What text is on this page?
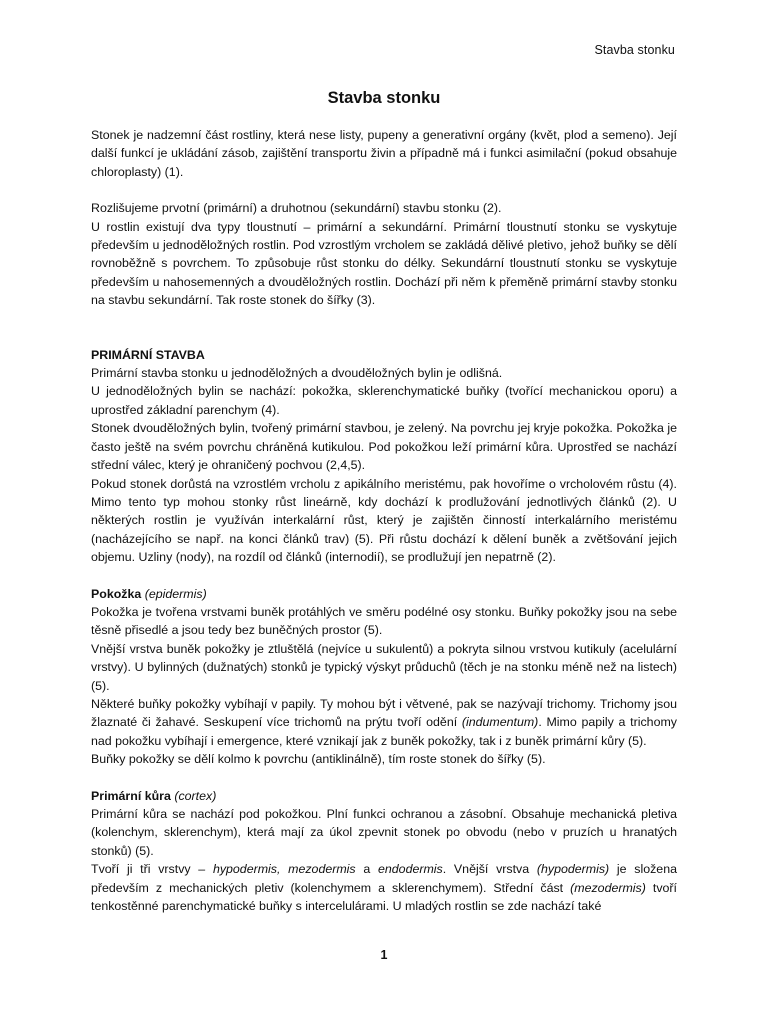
Stavba stonku
Stavba stonku

Stonek je nadzemní část rostliny, která nese listy, pupeny a generativní orgány (květ, plod a semeno). Její další funkcí je ukládání zásob, zajištění transportu živin a případně má i funkci asimilační (pokud obsahuje chloroplasty) (1).

Rozlišujeme prvotní (primární) a druhotnou (sekundární) stavbu stonku (2).

U rostlin existují dva typy tloustnutí – primární a sekundární. Primární tloustnutí stonku se vyskytuje především u jednoděložných rostlin. Pod vzrostlým vrcholem se zakládá dělivé pletivo, jehož buňky se dělí rovnoběžně s povrchem. To způsobuje růst stonku do délky. Sekundární tloustnutí stonku se vyskytuje především u nahosemenných a dvouděložných rostlin. Dochází při něm k přeměně primární stavby stonku na stavbu sekundární. Tak roste stonek do šířky (3).

PRIMÁRNÍ STAVBA

Primární stavba stonku u jednoděložných a dvouděložných bylin je odlišná.

U jednoděložných bylin se nachází: pokožka, sklerenchymatické buňky (tvořící mechanickou oporu) a uprostřed základní parenchym (4).

Stonek dvouděložných bylin, tvořený primární stavbou, je zelený. Na povrchu jej kryje pokožka. Pokožka je často ještě na svém povrchu chráněná kutikulou. Pod pokožkou leží primární kůra. Uprostřed se nachází střední válec, který je ohraničený pochvou (2,4,5).

Pokud stonek dorůstá na vzrostlém vrcholu z apikálního meristému, pak hovoříme o vrcholovém růstu (4). Mimo tento typ mohou stonky růst lineárně, kdy dochází k prodlužování jednotlivých článků (2). U některých rostlin je využíván interkalární růst, který je zajištěn činností interkalárního meristému (nacházejícího se např. na konci článků trav) (5). Při růstu dochází k dělení buněk a zvětšování jejich objemu. Uzliny (nody), na rozdíl od článků (internodií), se prodlužují jen nepatrně (2).

Pokožka (epidermis)

Pokožka je tvořena vrstvami buněk protáhlých ve směru podélné osy stonku. Buňky pokožky jsou na sebe těsně přisedlé a jsou tedy bez buněčných prostor (5).

Vnější vrstva buněk pokožky je ztluštělá (nejvíce u sukulentů) a pokryta silnou vrstvou kutikuly (acelulární vrstvy). U bylinných (dužnatých) stonků je typický výskyt průduchů (těch je na stonku méně než na listech) (5).

Některé buňky pokožky vybíhají v papily. Ty mohou být i větvené, pak se nazývají trichomy. Trichomy jsou žlaznaté či žahavé. Seskupení více trichomů na prýtu tvoří odění (indumentum). Mimo papily a trichomy nad pokožku vybíhají i emergence, které vznikají jak z buněk pokožky, tak i z buněk primární kůry (5).

Buňky pokožky se dělí kolmo k povrchu (antiklinálně), tím roste stonek do šířky (5).

Primární kůra (cortex)

Primární kůra se nachází pod pokožkou. Plní funkci ochranou a zásobní. Obsahuje mechanická pletiva (kolenchym, sklerenchym), která mají za úkol zpevnit stonek po obvodu (nebo v pruzích u hranatých stonků) (5).

Tvoří ji tři vrstvy – hypodermis, mezodermis a endodermis. Vnější vrstva (hypodermis) je složena především z mechanických pletiv (kolenchymem a sklerenchymem). Střední část (mezodermis) tvoří tenkostěnné parenchymatické buňky s intercelulárami. U mladých rostlin se zde nachází také

1
